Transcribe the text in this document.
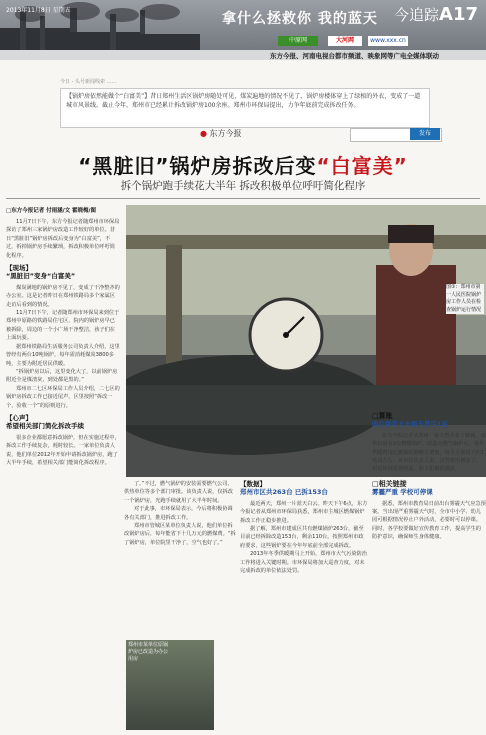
2013年11月8日 星期五
拿什么拯救你 我的蓝天 今追踪A17
中原网	大河网	www.xxx.cn
东方今报、河南电视台都市频道、映象网等广电全媒体联动
今日 - 头号新闻线索 ……
【锅炉房依然能做个“白富美”】昔日郑州生活区锅炉房随处可见，煤炭遍地的情况不见了，锅炉房楼体穿上了绿植的外衣，变成了一道城市风景线。截止今年，郑州市已经累计拆改锅炉房100余座。郑州市环保局提出，力争年底前完成拆改任务。
● 东方今报	发布
“黑脏旧”锅炉房拆改后变“白富美”
拆个锅炉跑手续花大半年 拆改积极单位呼吁简化程序
□东方今报记者 付雨涵/文 霍晓梅/图
11月7日下午，东方今报记者随郑州市环保局探访了郑州三家锅炉房改造工作较好的单位。昔日“黑脏旧”锅炉房拆改后变身为“白富美”，不过，拆掉锅炉房手续繁琐，拆改积极单位呼吁简化程序。
【现场】
“黑脏旧”变身“白富美”
煤炭满地的锅炉房不见了，变成了干净整齐的办公室。这是记者昨日在郑州铁路局多个家属区走访后看到的情况。
11月7日下午，记者随郑州市环保局来到位于郑州中原路的铁路局住宅区，院内的锅炉房早已被拆除，周边的一个小广场干净整洁，孩子们在上面玩耍。
据郑州铁路局生活服务公司负责人介绍，这里曾经有两台10吨锅炉，每年需消耗煤炭3800多吨，主要为附近居民供暖。
“拆锅炉房以后，这里变化大了，以前锅炉房附近全是煤渣灰，到处都是黑的。”
郑州市二七区环保局工作人员介绍，二七区的锅炉房拆改工作已接近尾声，区里按照“拆改一个，验收一个”的原则进行。
【心声】
希望相关部门简化拆改手续
很多企业都愿意拆改锅炉，但在实施过程中，拆改工作手续复杂，耗时较长。一家单位负责人说，他们单位2012年开始申请拆改锅炉房，跑了大半年手续，希望相关部门能简化拆改程序。
图①：郑州市第一人民医院锅炉房工作人员在检查锅炉运行情况
郑州市某单位原锅炉房已改造为办公用房
了。”不过，燃气锅炉的安装需要燃气公司、供热单位等多个部门审批。该负责人说，仅拆改一个锅炉房，光跑手续就用了大半年时间。
对于此事，市环保局表示，今后将积极协调各有关部门，推进拆改工作。
郑州市管城区某单位负责人说，他们单位拆改锅炉房后，每年能省下十几万元的燃煤费。“拆了锅炉房，单位院里干净了，空气也好了。”
【数据】
郑州市区共263台 已拆153台
最近两天，郑州一片蓝天白云。昨天下午6点，东方今报记者从郑州市环保局获悉，郑州市主城区燃煤锅炉拆改工作正稳步推进。
据了解，郑州市建成区共有燃煤锅炉263台，截至目前已经拆除改造153台，剩余110台。按照郑州市政府要求，这些锅炉要在今年年底前全部完成拆改。
2013年冬季供暖期马上开始，郑州市大气污染防治工作将进入关键时期。市环保局将加大巡查力度，对未完成拆改的单位依法处罚。
□算账
改后每平方米每天费用1毛
东方今报记者从郑州一家大型企业了解到，该单位原有2台燃煤锅炉，改造为燃气锅炉后，每年供暖费用比燃煤时期略有增加，每平方米每天约1毛钱左右。该单位负责人说，虽然费用增加了，但是环境改善明显，职工们都很满意。
□相关链接
雾霾严重 学校可停课
据悉，郑州市教育局日前出台雾霾天气应急预案。当出现严重雾霾天气时，全市中小学、幼儿园可根据情况停止户外活动，必要时可以停课。同时，各学校要做好宣传教育工作，提高学生的防护意识，确保师生身体健康。
